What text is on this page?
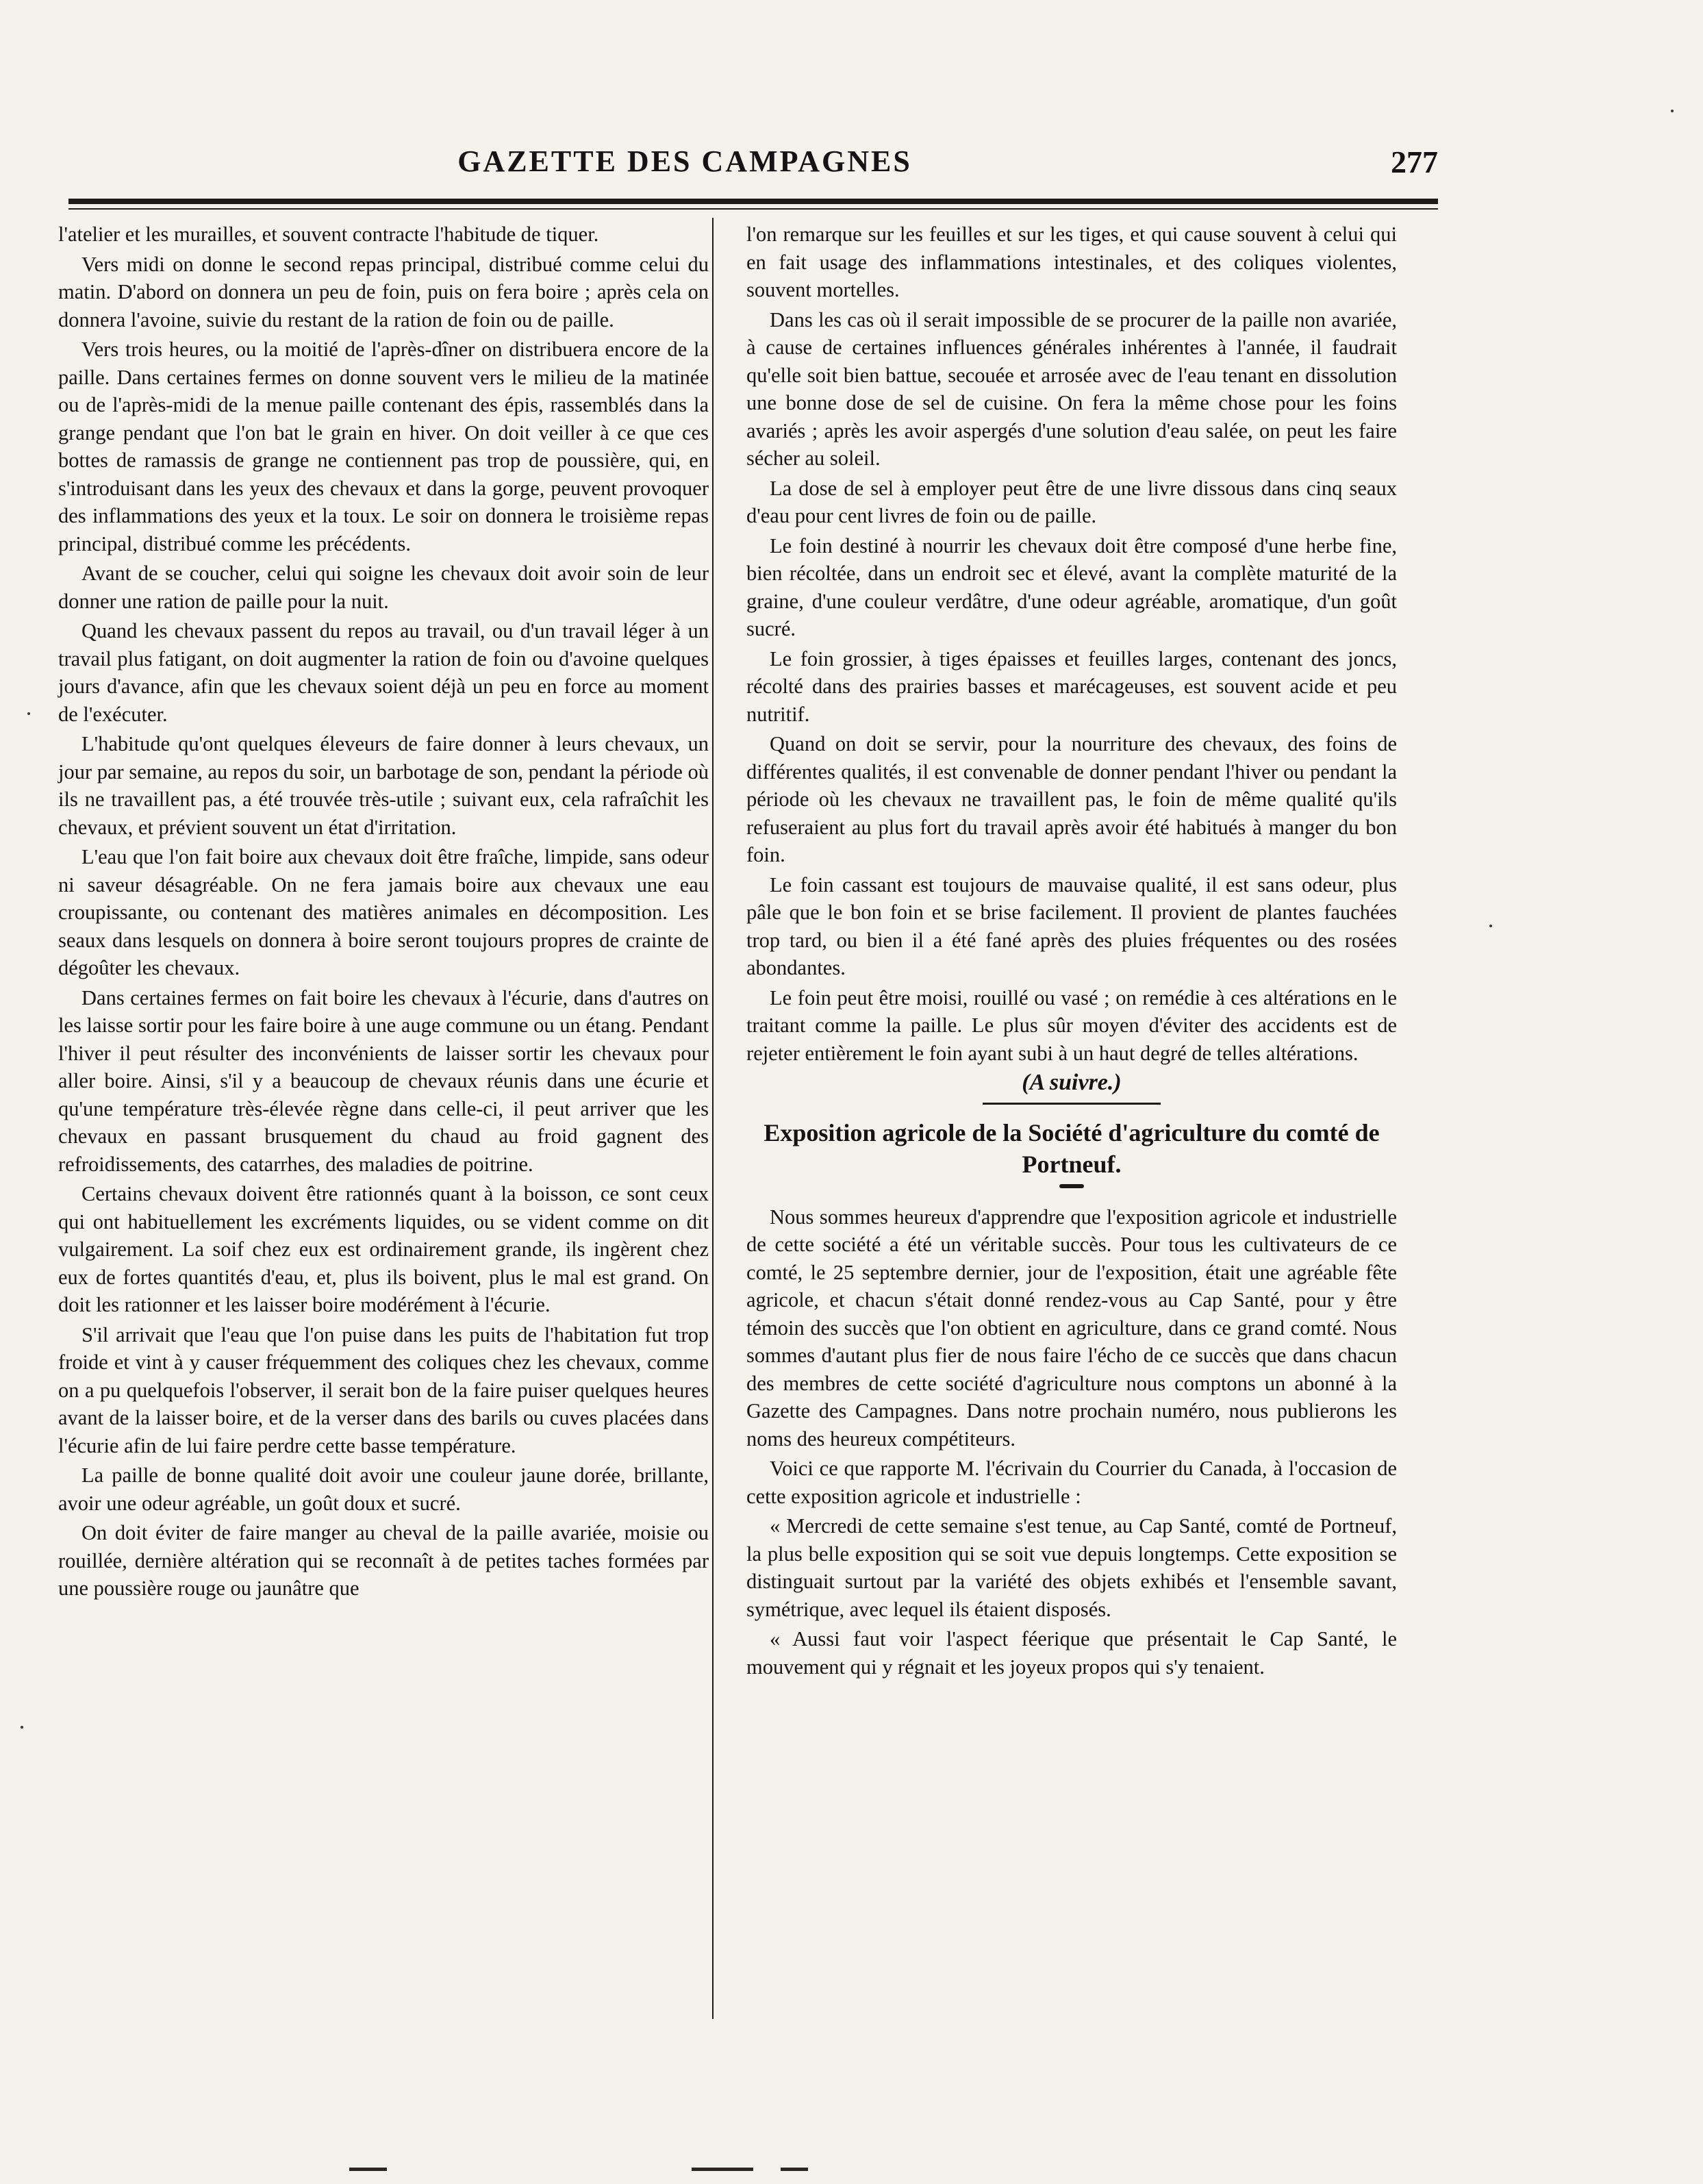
GAZETTE DES CAMPAGNES	277

l'atelier et les murailles, et souvent contracte l'habitude de tiquer.

Vers midi on donne le second repas principal, distribué comme celui du matin. D'abord on donnera un peu de foin, puis on fera boire ; après cela on donnera l'avoine, suivie du restant de la ration de foin ou de paille.

Vers trois heures, ou la moitié de l'après-dîner on distribuera encore de la paille. Dans certaines fermes on donne souvent vers le milieu de la matinée ou de l'après-midi de la menue paille contenant des épis, rassemblés dans la grange pendant que l'on bat le grain en hiver. On doit veiller à ce que ces bottes de ramassis de grange ne contiennent pas trop de poussière, qui, en s'introduisant dans les yeux des chevaux et dans la gorge, peuvent provoquer des inflammations des yeux et la toux. Le soir on donnera le troisième repas principal, distribué comme les précédents.

Avant de se coucher, celui qui soigne les chevaux doit avoir soin de leur donner une ration de paille pour la nuit.

Quand les chevaux passent du repos au travail, ou d'un travail léger à un travail plus fatigant, on doit augmenter la ration de foin ou d'avoine quelques jours d'avance, afin que les chevaux soient déjà un peu en force au moment de l'exécuter.

L'habitude qu'ont quelques éleveurs de faire donner à leurs chevaux, un jour par semaine, au repos du soir, un barbotage de son, pendant la période où ils ne travaillent pas, a été trouvée très-utile ; suivant eux, cela rafraîchit les chevaux, et prévient souvent un état d'irritation.

L'eau que l'on fait boire aux chevaux doit être fraîche, limpide, sans odeur ni saveur désagréable. On ne fera jamais boire aux chevaux une eau croupissante, ou contenant des matières animales en décomposition. Les seaux dans lesquels on donnera à boire seront toujours propres de crainte de dégoûter les chevaux.

Dans certaines fermes on fait boire les chevaux à l'écurie, dans d'autres on les laisse sortir pour les faire boire à une auge commune ou un étang. Pendant l'hiver il peut résulter des inconvénients de laisser sortir les chevaux pour aller boire. Ainsi, s'il y a beaucoup de chevaux réunis dans une écurie et qu'une température très-élevée règne dans celle-ci, il peut arriver que les chevaux en passant brusquement du chaud au froid gagnent des refroidissements, des catarrhes, des maladies de poitrine.

Certains chevaux doivent être rationnés quant à la boisson, ce sont ceux qui ont habituellement les excréments liquides, ou se vident comme on dit vulgairement. La soif chez eux est ordinairement grande, ils ingèrent chez eux de fortes quantités d'eau, et, plus ils boivent, plus le mal est grand. On doit les rationner et les laisser boire modérément à l'écurie.

S'il arrivait que l'eau que l'on puise dans les puits de l'habitation fut trop froide et vint à y causer fréquemment des coliques chez les chevaux, comme on a pu quelquefois l'observer, il serait bon de la faire puiser quelques heures avant de la laisser boire, et de la verser dans des barils ou cuves placées dans l'écurie afin de lui faire perdre cette basse température.

La paille de bonne qualité doit avoir une couleur jaune dorée, brillante, avoir une odeur agréable, un goût doux et sucré.

On doit éviter de faire manger au cheval de la paille avariée, moisie ou rouillée, dernière altération qui se reconnaît à de petites taches formées par une poussière rouge ou jaunâtre que

l'on remarque sur les feuilles et sur les tiges, et qui cause souvent à celui qui en fait usage des inflammations intestinales, et des coliques violentes, souvent mortelles.

Dans les cas où il serait impossible de se procurer de la paille non avariée, à cause de certaines influences générales inhérentes à l'année, il faudrait qu'elle soit bien battue, secouée et arrosée avec de l'eau tenant en dissolution une bonne dose de sel de cuisine. On fera la même chose pour les foins avariés ; après les avoir aspergés d'une solution d'eau salée, on peut les faire sécher au soleil.

La dose de sel à employer peut être de une livre dissous dans cinq seaux d'eau pour cent livres de foin ou de paille.

Le foin destiné à nourrir les chevaux doit être composé d'une herbe fine, bien récoltée, dans un endroit sec et élevé, avant la complète maturité de la graine, d'une couleur verdâtre, d'une odeur agréable, aromatique, d'un goût sucré.

Le foin grossier, à tiges épaisses et feuilles larges, contenant des joncs, récolté dans des prairies basses et marécageuses, est souvent acide et peu nutritif.

Quand on doit se servir, pour la nourriture des chevaux, des foins de différentes qualités, il est convenable de donner pendant l'hiver ou pendant la période où les chevaux ne travaillent pas, le foin de même qualité qu'ils refuseraient au plus fort du travail après avoir été habitués à manger du bon foin.

Le foin cassant est toujours de mauvaise qualité, il est sans odeur, plus pâle que le bon foin et se brise facilement. Il provient de plantes fauchées trop tard, ou bien il a été fané après des pluies fréquentes ou des rosées abondantes.

Le foin peut être moisi, rouillé ou vasé ; on remédie à ces altérations en le traitant comme la paille. Le plus sûr moyen d'éviter des accidents est de rejeter entièrement le foin ayant subi à un haut degré de telles altérations.

(A suivre.)
Exposition agricole de la Société d'agriculture du comté de Portneuf.

Nous sommes heureux d'apprendre que l'exposition agricole et industrielle de cette société a été un véritable succès. Pour tous les cultivateurs de ce comté, le 25 septembre dernier, jour de l'exposition, était une agréable fête agricole, et chacun s'était donné rendez-vous au Cap Santé, pour y être témoin des succès que l'on obtient en agriculture, dans ce grand comté. Nous sommes d'autant plus fier de nous faire l'écho de ce succès que dans chacun des membres de cette société d'agriculture nous comptons un abonné à la Gazette des Campagnes. Dans notre prochain numéro, nous publierons les noms des heureux compétiteurs.

Voici ce que rapporte M. l'écrivain du Courrier du Canada, à l'occasion de cette exposition agricole et industrielle :

« Mercredi de cette semaine s'est tenue, au Cap Santé, comté de Portneuf, la plus belle exposition qui se soit vue depuis longtemps. Cette exposition se distinguait surtout par la variété des objets exhibés et l'ensemble savant, symétrique, avec lequel ils étaient disposés.

« Aussi faut voir l'aspect féerique que présentait le Cap Santé, le mouvement qui y régnait et les joyeux propos qui s'y tenaient.
